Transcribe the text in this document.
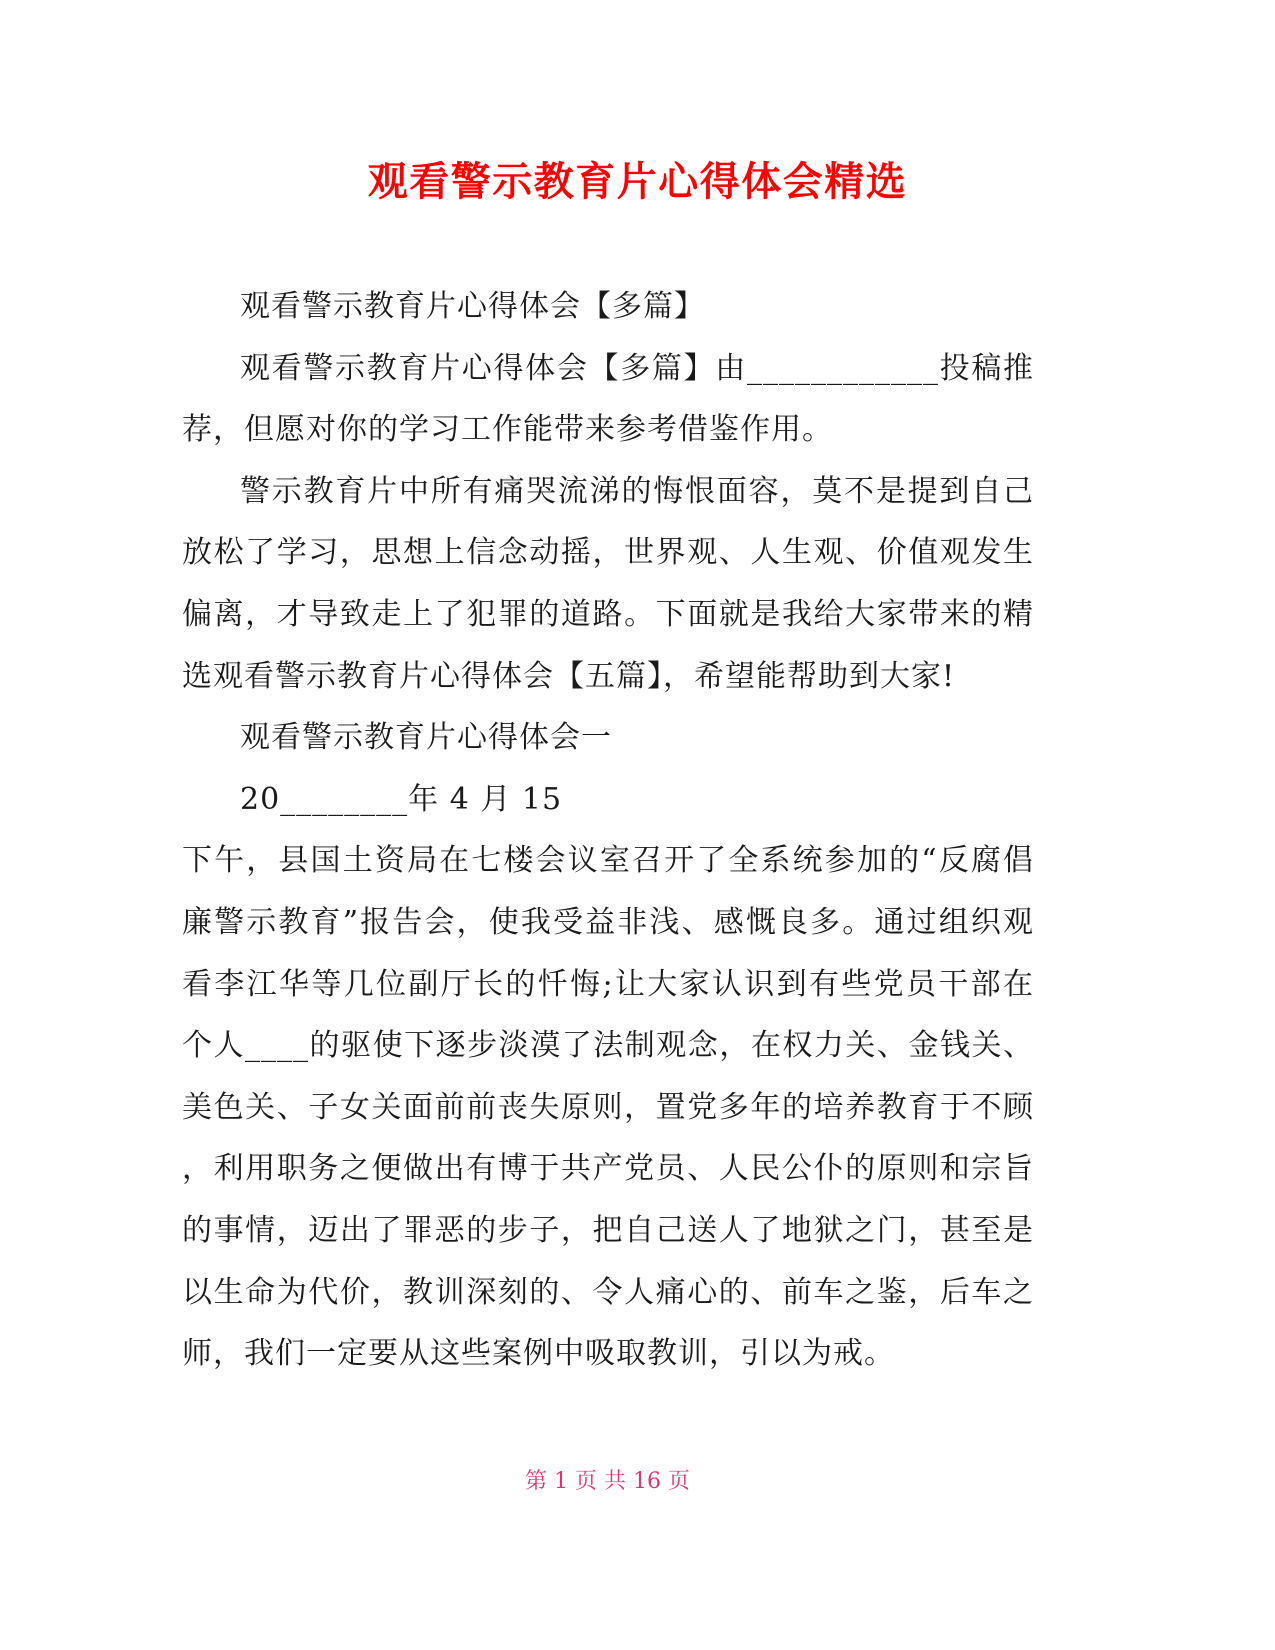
观看警示教育片心得体会精选
观看警示教育片心得体会【多篇】
观看警示教育片心得体会【多篇】由____________投稿推
荐，但愿对你的学习工作能带来参考借鉴作用。
警示教育片中所有痛哭流涕的悔恨面容，莫不是提到自己
放松了学习，思想上信念动摇，世界观、人生观、价值观发生
偏离，才导致走上了犯罪的道路。下面就是我给大家带来的精
选观看警示教育片心得体会【五篇】，希望能帮助到大家!
观看警示教育片心得体会一
20________年 4 月 15
下午，县国土资局在七楼会议室召开了全系统参加的“反腐倡
廉警示教育”报告会，使我受益非浅、感慨良多。通过组织观
看李江华等几位副厅长的忏悔;让大家认识到有些党员干部在
个人____的驱使下逐步淡漠了法制观念，在权力关、金钱关、
美色关、子女关面前前丧失原则，置党多年的培养教育于不顾
，利用职务之便做出有博于共产党员、人民公仆的原则和宗旨
的事情，迈出了罪恶的步子，把自己送人了地狱之门，甚至是
以生命为代价，教训深刻的、令人痛心的、前车之鉴，后车之
师，我们一定要从这些案例中吸取教训，引以为戒。
第 1 页 共 16 页
